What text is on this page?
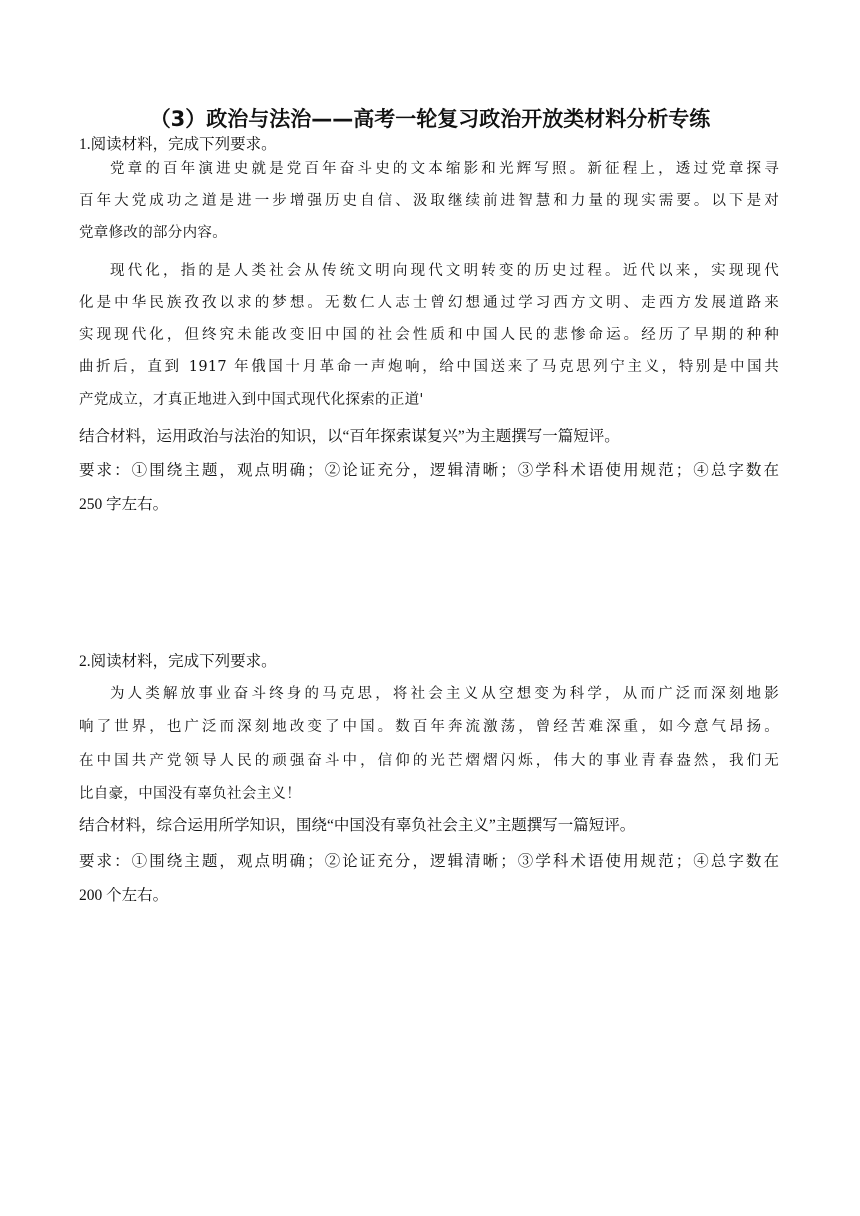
（3）政治与法治——高考一轮复习政治开放类材料分析专练

1.阅读材料，完成下列要求。

党章的百年演进史就是党百年奋斗史的文本缩影和光辉写照。新征程上，透过党章探寻

百年大党成功之道是进一步增强历史自信、汲取继续前进智慧和力量的现实需要。以下是对

党章修改的部分内容。

现代化，指的是人类社会从传统文明向现代文明转变的历史过程。近代以来，实现现代

化是中华民族孜孜以求的梦想。无数仁人志士曾幻想通过学习西方文明、走西方发展道路来

实现现代化，但终究未能改变旧中国的社会性质和中国人民的悲惨命运。经历了早期的种种

曲折后，直到 1917 年俄国十月革命一声炮响，给中国送来了马克思列宁主义，特别是中国共

产党成立，才真正地进入到中国式现代化探索的正道'

结合材料，运用政治与法治的知识，以“百年探索谋复兴”为主题撰写一篇短评。

要求：①围绕主题，观点明确；②论证充分，逻辑清晰；③学科术语使用规范；④总字数在

250 字左右。

2.阅读材料，完成下列要求。

为人类解放事业奋斗终身的马克思，将社会主义从空想变为科学，从而广泛而深刻地影

响了世界，也广泛而深刻地改变了中国。数百年奔流激荡，曾经苦难深重，如今意气昂扬。

在中国共产党领导人民的顽强奋斗中，信仰的光芒熠熠闪烁，伟大的事业青春盎然，我们无

比自豪，中国没有辜负社会主义！

结合材料，综合运用所学知识，围绕“中国没有辜负社会主义”主题撰写一篇短评。

要求：①围绕主题，观点明确；②论证充分，逻辑清晰；③学科术语使用规范；④总字数在

200 个左右。
